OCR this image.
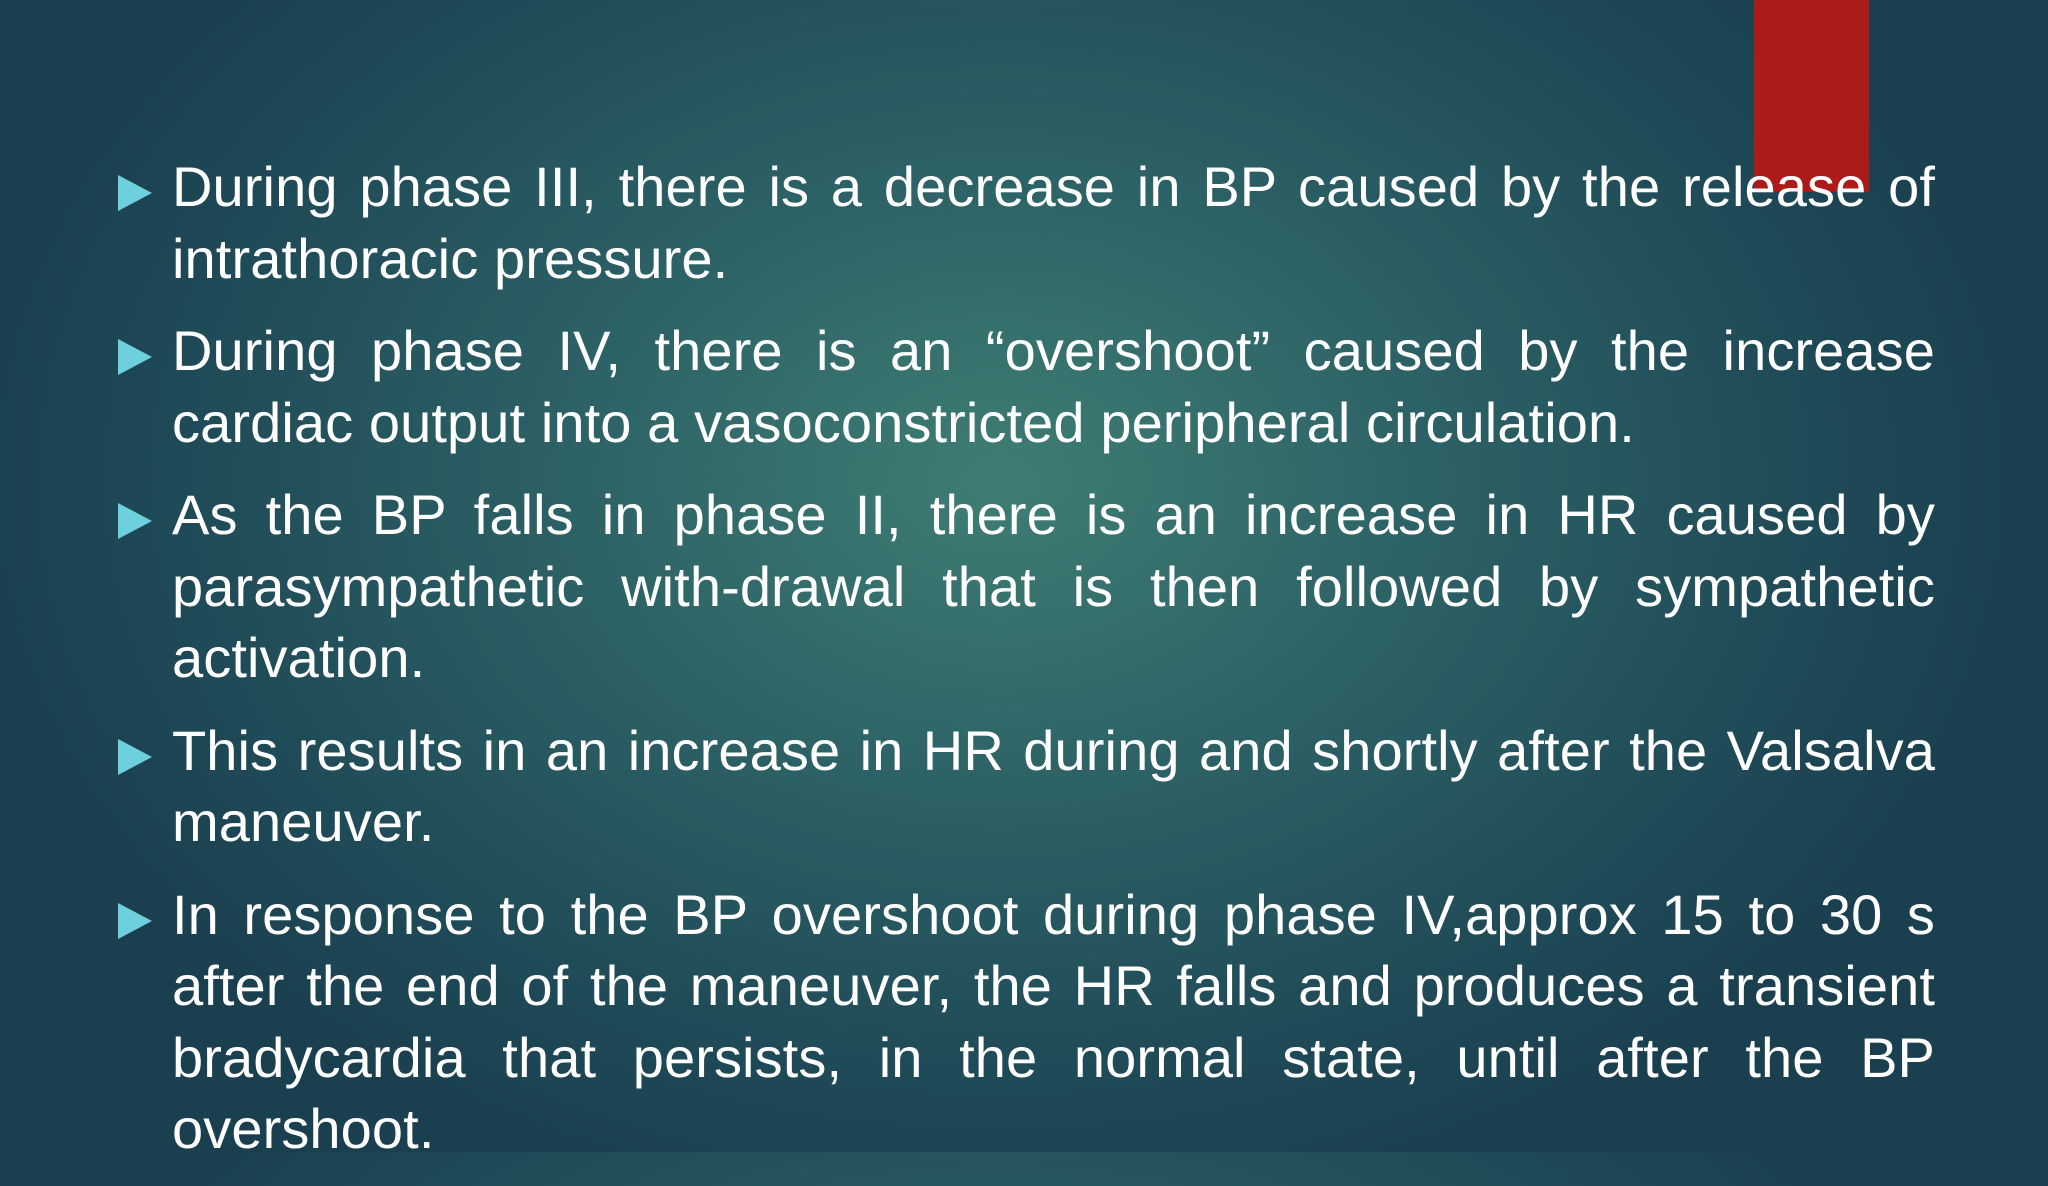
During phase III, there is a decrease in BP caused by the release of intrathoracic pressure.
During phase IV, there is an “overshoot” caused by the increase cardiac output into a vasoconstricted peripheral circulation.
As the BP falls in phase II, there is an increase in HR caused by parasympathetic with-drawal that is then followed by sympathetic activation.
This results in an increase in HR during and shortly after the Valsalva maneuver.
In response to the BP overshoot during phase IV,approx 15 to 30 s after the end of the maneuver, the HR falls and produces a transient bradycardia that persists, in the normal state, until after the BP overshoot.
